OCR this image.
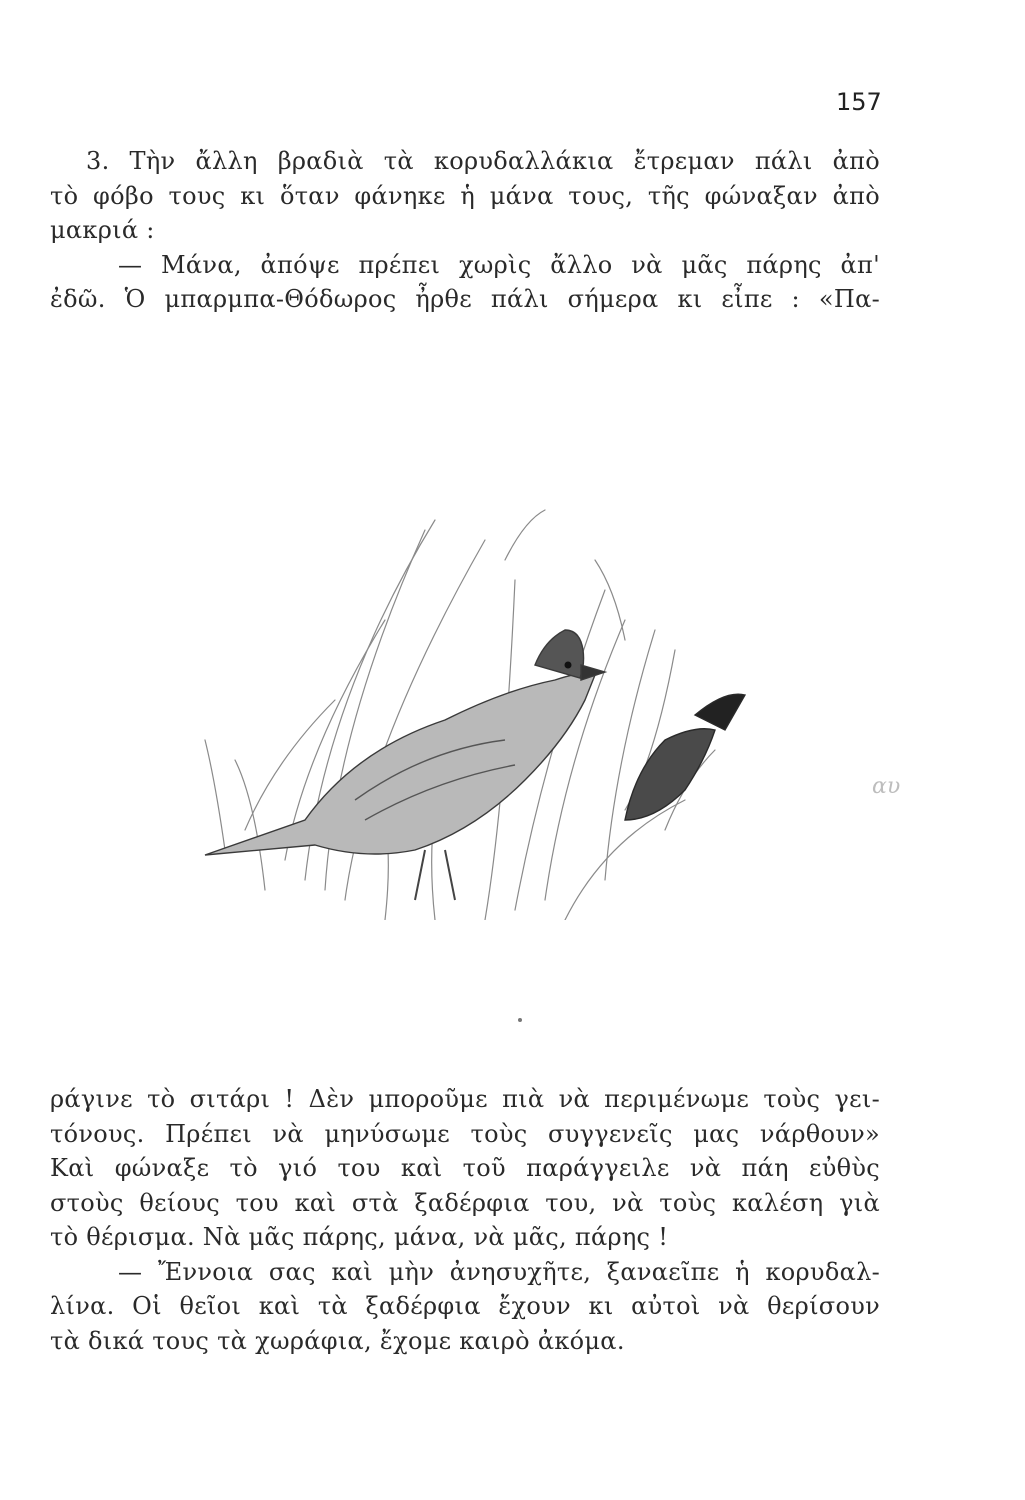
157
3. Τὴν ἄλλη βραδιὰ τὰ κορυδαλλάκια ἔτρεμαν πάλι ἀπὸ
τὸ φόβο τους κι ὅταν φάνηκε ἡ μάνα τους, τῆς φώναξαν ἀπὸ
μακριά :
— Μάνα, ἀπόψε πρέπει χωρὶς ἄλλο νὰ μᾶς πάρης ἀπ'
ἐδῶ. Ὁ μπαρμπα-Θόδωρος ἦρθε πάλι σήμερα κι εἶπε : «Πα-
αυ
ράγινε τὸ σιτάρι ! Δὲν μποροῦμε πιὰ νὰ περιμένωμε τοὺς γει-
τόνους. Πρέπει νὰ μηνύσωμε τοὺς συγγενεῖς μας νάρθουν»
Καὶ φώναξε τὸ γιό του καὶ τοῦ παράγγειλε νὰ πάη εὐθὺς
στοὺς θείους του καὶ στὰ ξαδέρφια του, νὰ τοὺς καλέση γιὰ
τὸ θέρισμα. Νὰ μᾶς πάρης, μάνα, νὰ μᾶς, πάρης !
— Ἔννοια σας καὶ μὴν ἀνησυχῆτε, ξαναεῖπε ἡ κορυδαλ-
λίνα. Οἱ θεῖοι καὶ τὰ ξαδέρφια ἔχουν κι αὐτοὶ νὰ θερίσουν
τὰ δικά τους τὰ χωράφια, ἔχομε καιρὸ ἀκόμα.
